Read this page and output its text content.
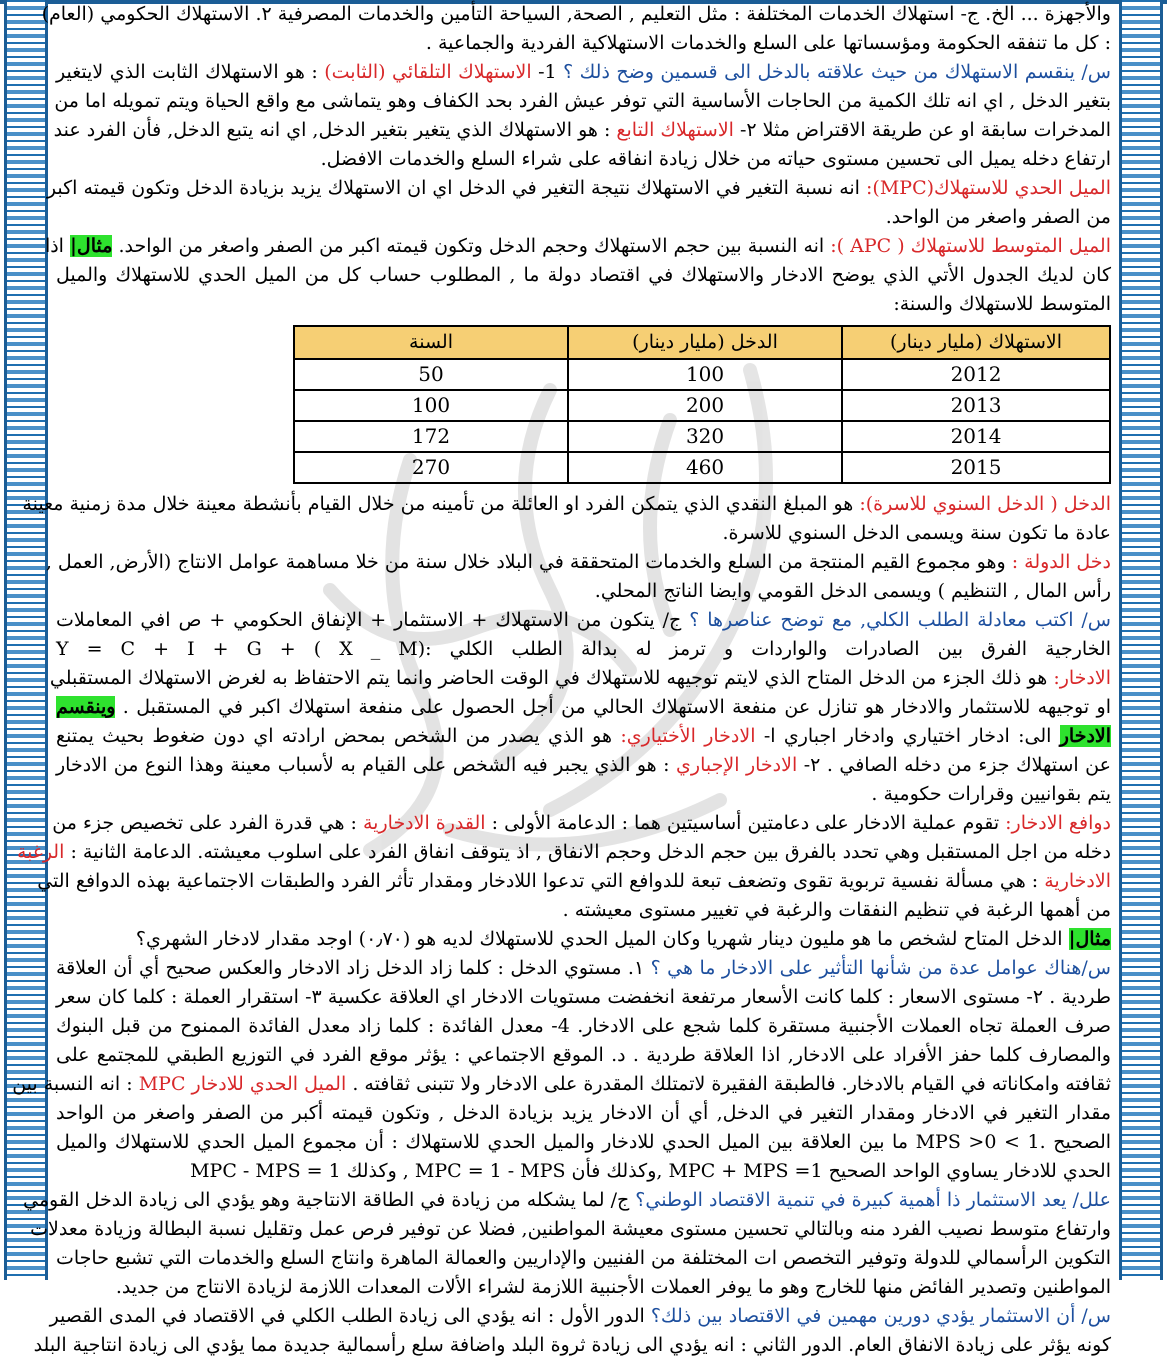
والأجهزة ... الخ. ج- استهلاك الخدمات المختلفة : مثل التعليم , الصحة, السياحة التأمين والخدمات المصرفية ٢. الاستهلاك الحكومي (العام)
: كل ما تنفقه الحكومة ومؤسساتها على السلع والخدمات الاستهلاكية الفردية والجماعية .
س/ ينقسم الاستهلاك من حيث علاقته بالدخل الى قسمين وضح ذلك ؟ 1- الاستهلاك التلقائي (الثابت) : هو الاستهلاك الثابت الذي لايتغير
بتغير الدخل , اي انه تلك الكمية من الحاجات الأساسية التي توفر عيش الفرد بحد الكفاف وهو يتماشى مع واقع الحياة ويتم تمويله اما من
المدخرات سابقة او عن طريقة الاقتراض مثلا ٢- الاستهلاك التابع : هو الاستهلاك الذي يتغير بتغير الدخل, اي انه يتبع الدخل, فأن الفرد عند
ارتفاع دخله يميل الى تحسين مستوى حياته من خلال زيادة انفاقه على شراء السلع والخدمات الافضل.
الميل الحدي للاستهلاك(MPC): انه نسبة التغير في الاستهلاك نتيجة التغير في الدخل اي ان الاستهلاك يزيد بزيادة الدخل وتكون قيمته اكبر
من الصفر واصغر من الواحد.
الميل المتوسط للاستهلاك ( APC ): انه النسبة بين حجم الاستهلاك وحجم الدخل وتكون قيمته اكبر من الصفر واصغر من الواحد. مثال| اذا
كان لديك الجدول الأتي الذي يوضح الادخار والاستهلاك في اقتصاد دولة ما , المطلوب حساب كل من الميل الحدي للاستهلاك والميل
المتوسط للاستهلاك والسنة:
الاستهلاك (مليار دينار)	الدخل (مليار دينار)	السنة
2012	100	50
2013	200	100
2014	320	172
2015	460	270
الدخل ( الدخل السنوي للاسرة): هو المبلغ النقدي الذي يتمكن الفرد او العائلة من تأمينه من خلال القيام بأنشطة معينة خلال مدة زمنية معينة
عادة ما تكون سنة ويسمى الدخل السنوي للاسرة.
دخل الدولة : وهو مجموع القيم المنتجة من السلع والخدمات المتحققة في البلاد خلال سنة من خلا مساهمة عوامل الانتاج (الأرض, العمل ,
رأس المال , التنظيم ) ويسمى الدخل القومي وايضا الناتج المحلي.
س/ اكتب معادلة الطلب الكلي, مع توضح عناصرها ؟ ج/ يتكون من الاستهلاك + الاستثمار + الإنفاق الحكومي + ص افي المعاملات
الخارجية الفرق بين الصادرات والواردات و ترمز له بدالة الطلب الكلي :Y = C + I + G + ( X _ M)
الادخار: هو ذلك الجزء من الدخل المتاح الذي لايتم توجيهه للاستهلاك في الوقت الحاضر وانما يتم الاحتفاظ به لغرض الاستهلاك المستقبلي
او توجيهه للاستثمار والادخار هو تنازل عن منفعة الاستهلاك الحالي من أجل الحصول على منفعة استهلاك اكبر في المستقبل . وينقسم
الادخار الى: ادخار اختياري وادخار اجباري ا- الادخار الأختياري: هو الذي يصدر من الشخص بمحض ارادته اي دون ضغوط بحيث يمتنع
عن استهلاك جزء من دخله الصافي . ٢- الادخار الإجباري : هو الذي يجبر فيه الشخص على القيام به لأسباب معينة وهذا النوع من الادخار
يتم بقوانيين وقرارات حكومية .
دوافع الادخار: تقوم عملية الادخار على دعامتين أساسيتين هما : الدعامة الأولى : القدرة الادخارية : هي قدرة الفرد على تخصيص جزء من
دخله من اجل المستقبل وهي تحدد بالفرق بين حجم الدخل وحجم الانفاق , اذ يتوقف انفاق الفرد على اسلوب معيشته. الدعامة الثانية : الرغبة
الادخارية : هي مسألة نفسية تربوية تقوى وتضعف تبعة للدوافع التي تدعوا اللادخار ومقدار تأثر الفرد والطبقات الاجتماعية بهذه الدوافع التي
من أهمها الرغبة في تنظيم النفقات والرغبة في تغيير مستوى معيشته .
مثال| الدخل المتاح لشخص ما هو مليون دينار شهريا وكان الميل الحدي للاستهلاك لديه هو (٠٫٧٠) اوجد مقدار لادخار الشهري؟
س/هناك عوامل عدة من شأنها التأثير على الادخار ما هي ؟ ١. مستوي الدخل : كلما زاد الدخل زاد الادخار والعكس صحيح أي أن العلاقة
طردية . ٢- مستوى الاسعار : كلما كانت الأسعار مرتفعة انخفضت مستويات الادخار اي العلاقة عكسية ٣- استقرار العملة : كلما كان سعر
صرف العملة تجاه العملات الأجنبية مستقرة كلما شجع على الادخار. 4- معدل الفائدة : كلما زاد معدل الفائدة الممنوح من قبل البنوك
والمصارف كلما حفز الأفراد على الادخار, اذا العلاقة طردية . د. الموقع الاجتماعي : يؤثر موقع الفرد في التوزيع الطبقي للمجتمع على
ثقافته وامكاناته في القيام بالادخار. فالطبقة الفقيرة لاتمتلك المقدرة على الادخار ولا تتبنى ثقافته . الميل الحدي للادخار MPC : انه النسبة بين
مقدار التغير في الادخار ومقدار التغير في الدخل, أي أن الادخار يزيد بزيادة الدخل , وتكون قيمته أكبر من الصفر واصغر من الواحد
الصحيح .1 > MPS >0 ما بين العلاقة بين الميل الحدي للادخار والميل الحدي للاستهلاك : أن مجموع الميل الحدي للاستهلاك والميل
الحدي للادخار يساوي الواحد الصحيح MPC + MPS =1 ,وكذلك فأن MPC = 1 - MPS , وكذلك MPC - MPS = 1
علل/ يعد الاستثمار ذا أهمية كبيرة في تنمية الاقتصاد الوطني؟ ج/ لما يشكله من زيادة في الطاقة الانتاجية وهو يؤدي الى زيادة الدخل القومي
وارتفاع متوسط نصيب الفرد منه وبالتالي تحسين مستوى معيشة المواطنين, فضلا عن توفير فرص عمل وتقليل نسبة البطالة وزيادة معدلات
التكوين الرأسمالي للدولة وتوفير التخصص ات المختلفة من الفنيين والإداريين والعمالة الماهرة وانتاج السلع والخدمات التي تشبع حاجات
المواطنين وتصدير الفائض منها للخارج وهو ما يوفر العملات الأجنبية اللازمة لشراء الألات المعدات اللازمة لزيادة الانتاج من جديد.
س/ أن الاستثمار يؤدي دورين مهمين في الاقتصاد بين ذلك؟ الدور الأول : انه يؤدي الى زيادة الطلب الكلي في الاقتصاد في المدى القصير
كونه يؤثر على زيادة الانفاق العام. الدور الثاني : انه يؤدي الى زيادة ثروة البلد واضافة سلع رأسمالية جديدة مما يؤدي الى زيادة انتاجية البلد
